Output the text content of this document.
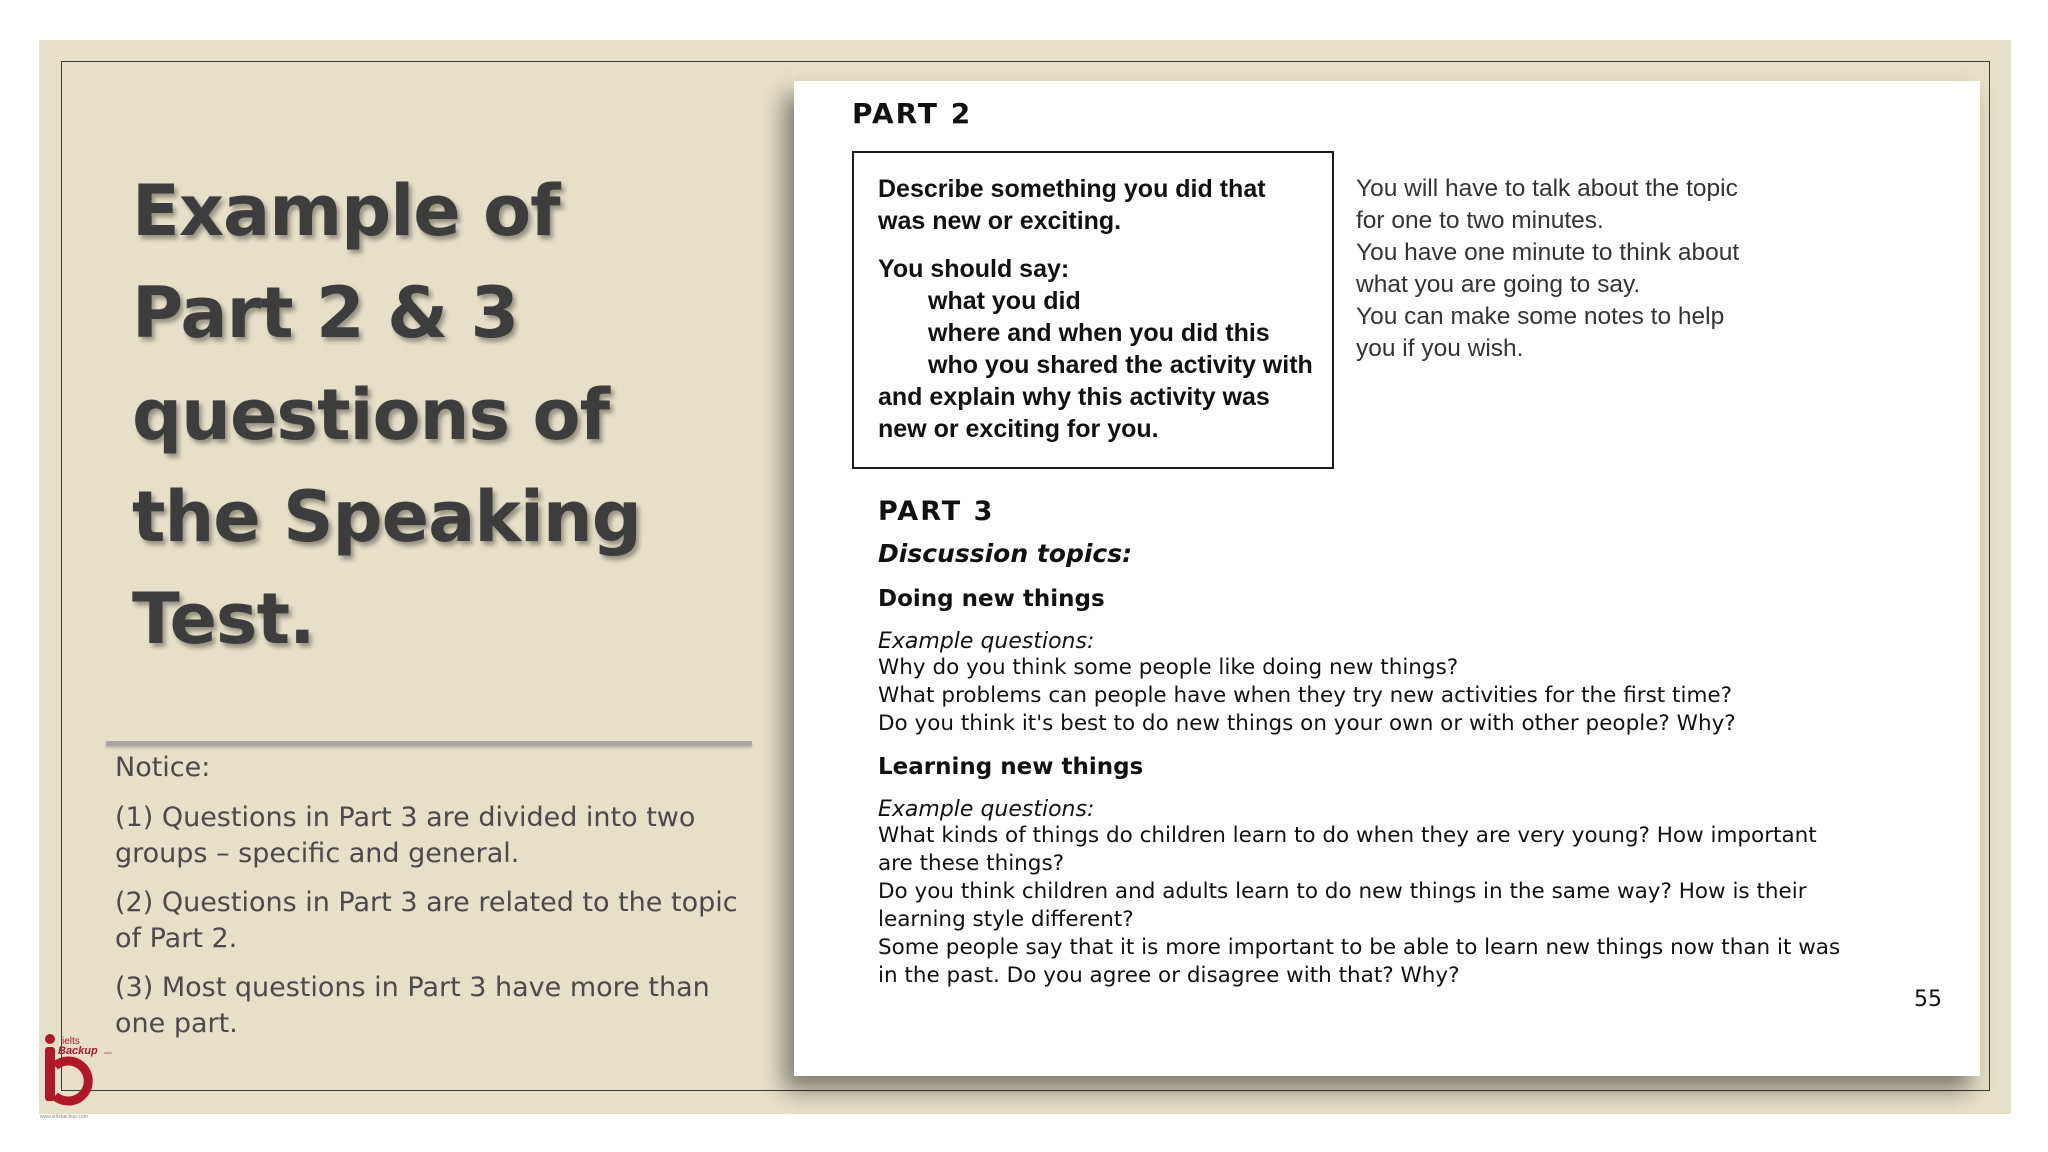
Example of
Part 2 & 3
questions of
the Speaking
Test.

Notice:

(1) Questions in Part 3 are divided into two groups – specific and general.

(2) Questions in Part 3 are related to the topic of Part 2.

(3) Most questions in Part 3 have more than one part.

ielts
Backup .com
www.ieltsbackup.com
PART 2
Describe something you did that
was new or exciting.
You should say:
what you did
where and when you did this
who you shared the activity with
and explain why this activity was
new or exciting for you.
You will have to talk about the topic
for one to two minutes.
You have one minute to think about
what you are going to say.
You can make some notes to help
you if you wish.
PART 3
Discussion topics:
Doing new things
Example questions:
Why do you think some people like doing new things?
What problems can people have when they try new activities for the first time?
Do you think it's best to do new things on your own or with other people? Why?
Learning new things
Example questions:
What kinds of things do children learn to do when they are very young? How important
are these things?
Do you think children and adults learn to do new things in the same way? How is their
learning style different?
Some people say that it is more important to be able to learn new things now than it was
in the past. Do you agree or disagree with that? Why?
55
